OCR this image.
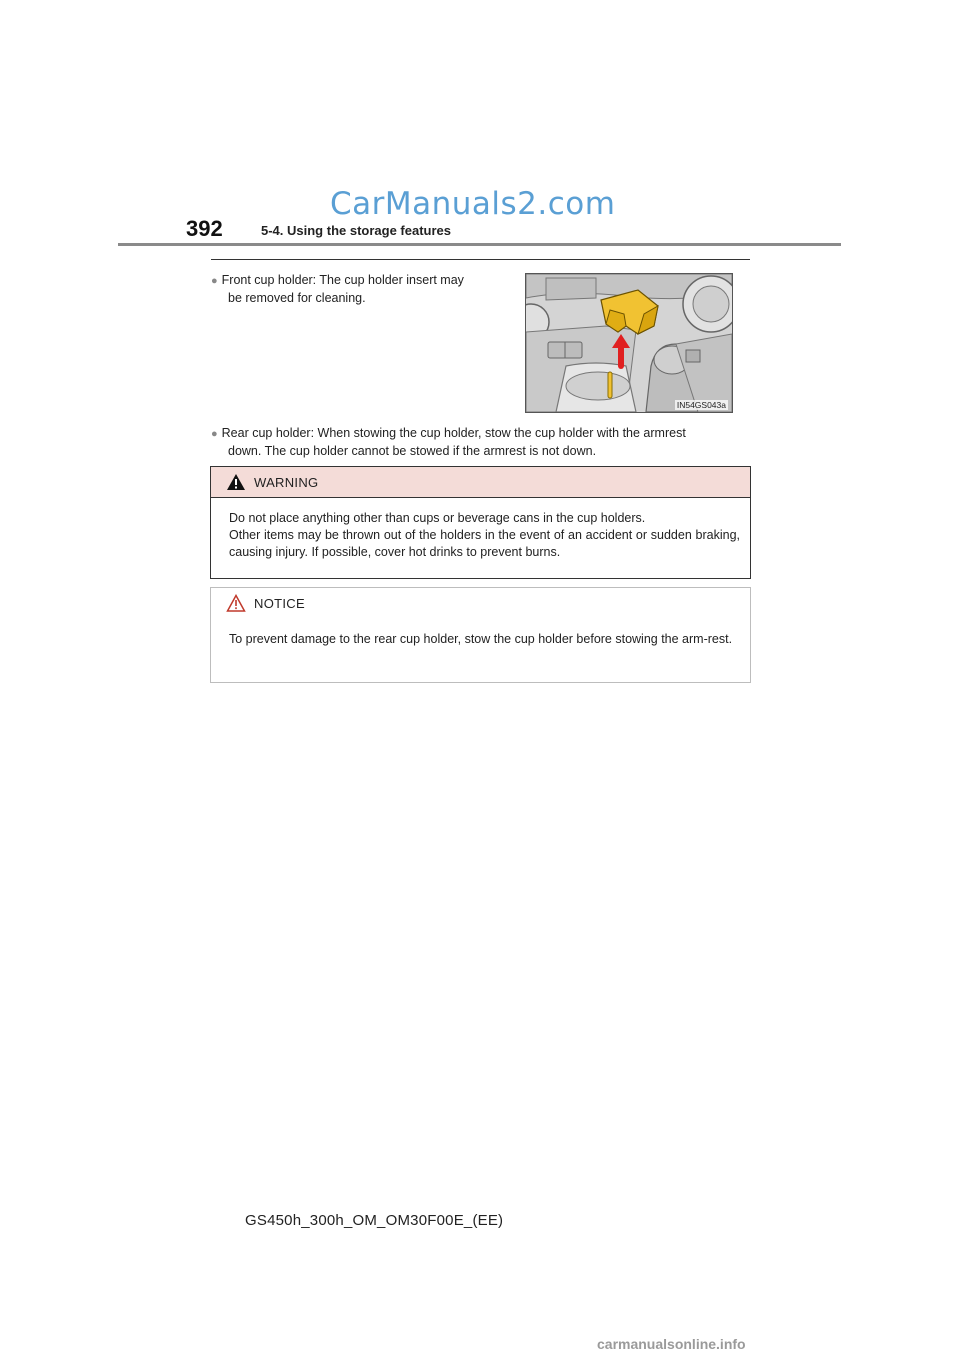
CarManuals2.com
392	5-4. Using the storage features
● Front cup holder: The cup holder insert may
be removed for cleaning.
IN54GS043a
● Rear cup holder: When stowing the cup holder, stow the cup holder with the armrest
down. The cup holder cannot be stowed if the armrest is not down.
WARNING
Do not place anything other than cups or beverage cans in the cup holders.
Other items may be thrown out of the holders in the event of an accident or sudden braking, causing injury. If possible, cover hot drinks to prevent burns.
NOTICE
To prevent damage to the rear cup holder, stow the cup holder before stowing the arm-rest.
GS450h_300h_OM_OM30F00E_(EE)
carmanualsonline.info
